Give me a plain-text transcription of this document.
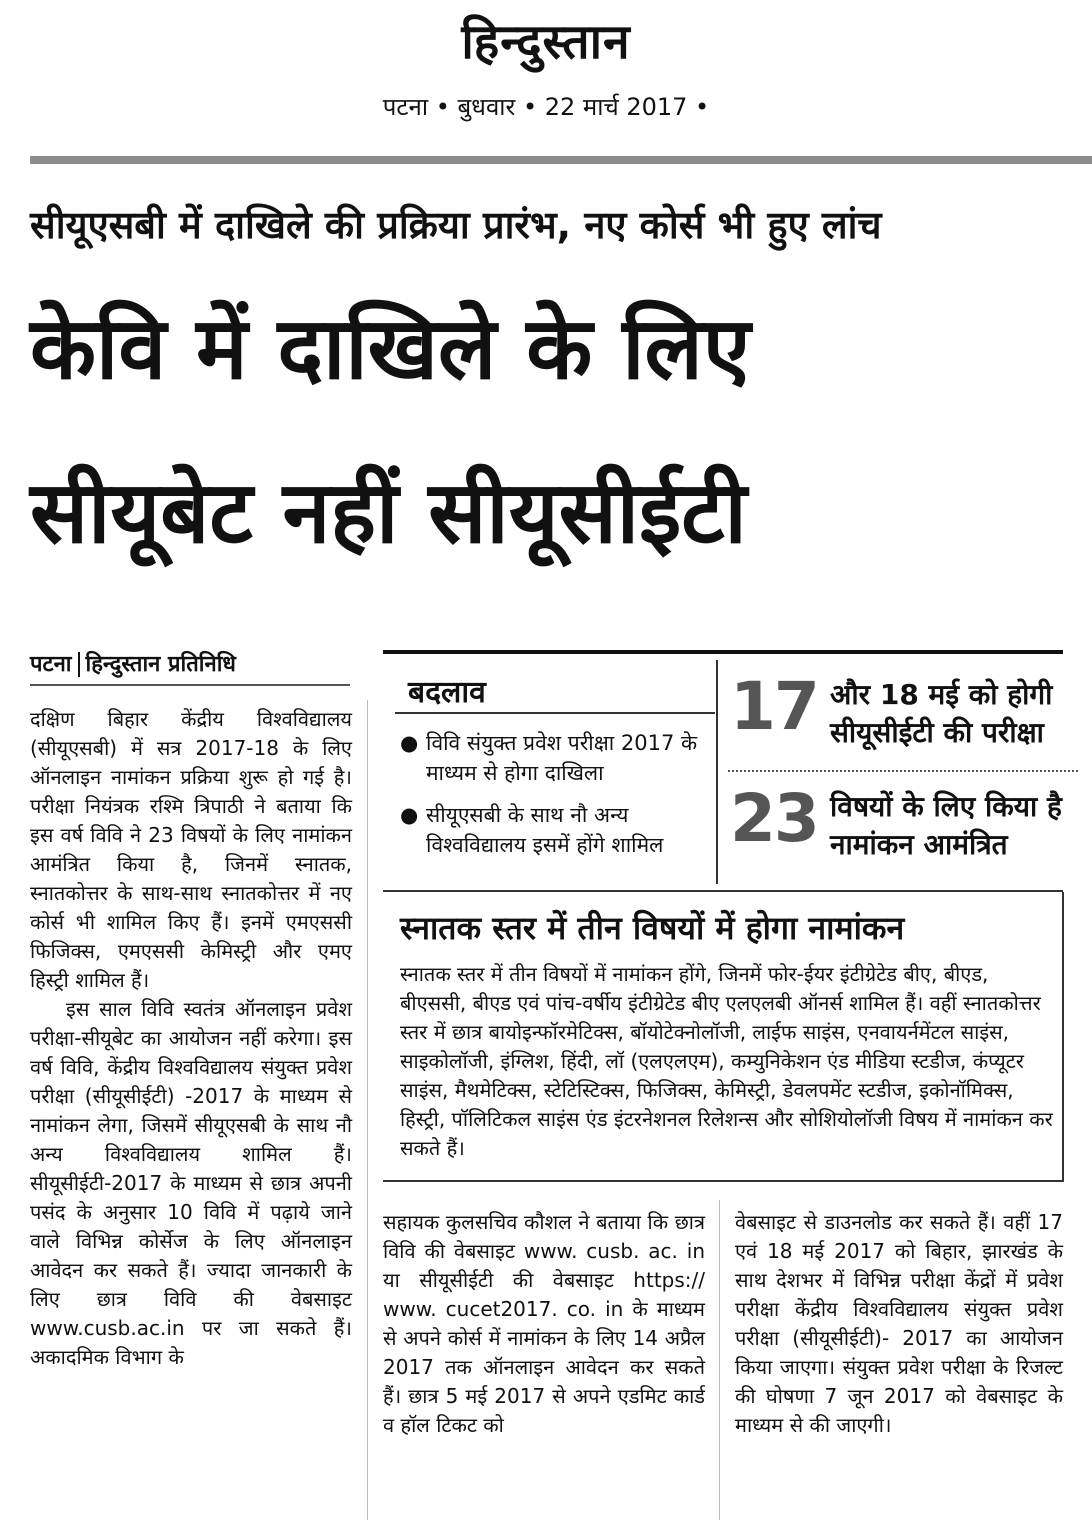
हिन्दुस्तान
पटना • बुधवार • 22 मार्च 2017 •
सीयूएसबी में दाखिले की प्रक्रिया प्रारंभ, नए कोर्स भी हुए लांच
केवि में दाखिले के लिए
सीयूबेट नहीं सीयूसीईटी
पटना हिन्दुस्तान प्रतिनिधि

दक्षिण बिहार केंद्रीय विश्वविद्यालय (सीयूएसबी) में सत्र 2017-18 के लिए ऑनलाइन नामांकन प्रक्रिया शुरू हो गई है। परीक्षा नियंत्रक रश्मि त्रिपाठी ने बताया कि इस वर्ष विवि ने 23 विषयों के लिए नामांकन आमंत्रित किया है, जिनमें स्नातक, स्नातकोत्तर के साथ-साथ स्नातकोत्तर में नए कोर्स भी शामिल किए हैं। इनमें एमएससी फिजिक्स, एमएससी केमिस्ट्री और एमए हिस्ट्री शामिल हैं।

इस साल विवि स्वतंत्र ऑनलाइन प्रवेश परीक्षा-सीयूबेट का आयोजन नहीं करेगा। इस वर्ष विवि, केंद्रीय विश्वविद्यालय संयुक्त प्रवेश परीक्षा (सीयूसीईटी) -2017 के माध्यम से नामांकन लेगा, जिसमें सीयूएसबी के साथ नौ अन्य विश्वविद्यालय शामिल हैं। सीयूसीईटी-2017 के माध्यम से छात्र अपनी पसंद के अनुसार 10 विवि में पढ़ाये जाने वाले विभिन्न कोर्सेज के लिए ऑनलाइन आवेदन कर सकते हैं। ज्यादा जानकारी के लिए छात्र विवि की वेबसाइट www.cusb.ac.in पर जा सकते हैं। अकादमिक विभाग के

बदलाव
● विवि संयुक्त प्रवेश परीक्षा 2017 के माध्यम से होगा दाखिला
● सीयूएसबी के साथ नौ अन्य विश्वविद्यालय इसमें होंगे शामिल
17 और 18 मई को होगी सीयूसीईटी की परीक्षा
23 विषयों के लिए किया है नामांकन आमंत्रित
स्नातक स्तर में तीन विषयों में होगा नामांकन
स्नातक स्तर में तीन विषयों में नामांकन होंगे, जिनमें फोर-ईयर इंटीग्रेटेड बीए, बीएड, बीएससी, बीएड एवं पांच-वर्षीय इंटीग्रेटेड बीए एलएलबी ऑनर्स शामिल हैं। वहीं स्नातकोत्तर स्तर में छात्र बायोइन्फॉरमेटिक्स, बॉयोटेक्नोलॉजी, लाईफ साइंस, एनवायर्नमेंटल साइंस, साइकोलॉजी, इंग्लिश, हिंदी, लॉ (एलएलएम), कम्युनिकेशन एंड मीडिया स्टडीज, कंप्यूटर साइंस, मैथमेटिक्स, स्टेटिस्टिक्स, फिजिक्स, केमिस्ट्री, डेवलपमेंट स्टडीज, इकोनॉमिक्स, हिस्ट्री, पॉलिटिकल साइंस एंड इंटरनेशनल रिलेशन्स और सोशियोलॉजी विषय में नामांकन कर सकते हैं।

सहायक कुलसचिव कौशल ने बताया कि छात्र विवि की वेबसाइट www. cusb. ac. in या सीयूसीईटी की वेबसाइट https:// www. cucet2017. co. in के माध्यम से अपने कोर्स में नामांकन के लिए 14 अप्रैल 2017 तक ऑनलाइन आवेदन कर सकते हैं। छात्र 5 मई 2017 से अपने एडमिट कार्ड व हॉल टिकट को

वेबसाइट से डाउनलोड कर सकते हैं। वहीं 17 एवं 18 मई 2017 को बिहार, झारखंड के साथ देशभर में विभिन्न परीक्षा केंद्रों में प्रवेश परीक्षा केंद्रीय विश्वविद्यालय संयुक्त प्रवेश परीक्षा (सीयूसीईटी)- 2017 का आयोजन किया जाएगा। संयुक्त प्रवेश परीक्षा के रिजल्ट की घोषणा 7 जून 2017 को वेबसाइट के माध्यम से की जाएगी।
